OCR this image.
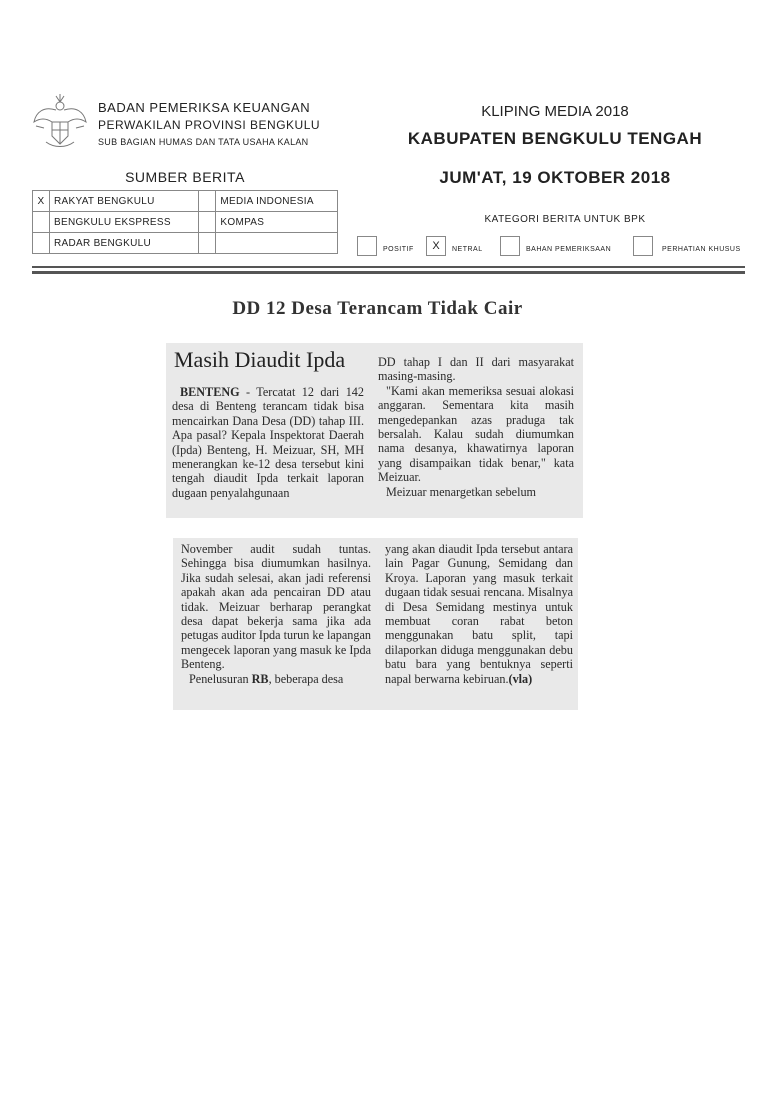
BADAN PEMERIKSA KEUANGAN
PERWAKILAN PROVINSI BENGKULU
SUB BAGIAN HUMAS DAN TATA USAHA KALAN
KLIPING MEDIA 2018
KABUPATEN BENGKULU TENGAH
JUM'AT, 19 OKTOBER 2018
SUMBER BERITA
X	RAKYAT BENGKULU		MEDIA INDONESIA
	BENGKULU EKSPRESS		KOMPAS
	RADAR BENGKULU		
KATEGORI BERITA UNTUK BPK
POSITIF	X	NETRAL	BAHAN PEMERIKSAAN	PERHATIAN KHUSUS
DD 12 Desa Terancam Tidak Cair
Masih Diaudit Ipda

BENTENG - Tercatat 12 dari 142 desa di Benteng terancam tidak bisa mencairkan Dana Desa (DD) tahap III. Apa pasal? Kepala Inspektorat Daerah (Ipda) Benteng, H. Meizuar, SH, MH menerangkan ke-12 desa tersebut kini tengah diaudit Ipda terkait laporan dugaan penyalahgunaan

DD tahap I dan II dari masyarakat masing-masing.

"Kami akan memeriksa sesuai alokasi anggaran. Sementara kita masih mengedepankan azas praduga tak bersalah. Kalau sudah diumumkan nama desanya, khawatirnya laporan yang disampaikan tidak benar," kata Meizuar.

Meizuar menargetkan sebelum

November audit sudah tuntas. Sehingga bisa diumumkan hasilnya. Jika sudah selesai, akan jadi referensi apakah akan ada pencairan DD atau tidak. Meizuar berharap perangkat desa dapat bekerja sama jika ada petugas auditor Ipda turun ke lapangan mengecek laporan yang masuk ke Ipda Benteng.

Penelusuran RB, beberapa desa

yang akan diaudit Ipda tersebut antara lain Pagar Gunung, Semidang dan Kroya. Laporan yang masuk terkait dugaan tidak sesuai rencana. Misalnya di Desa Semidang mestinya untuk membuat coran rabat beton menggunakan batu split, tapi dilaporkan diduga menggunakan debu batu bara yang bentuknya seperti napal berwarna kebiruan.(vla)
